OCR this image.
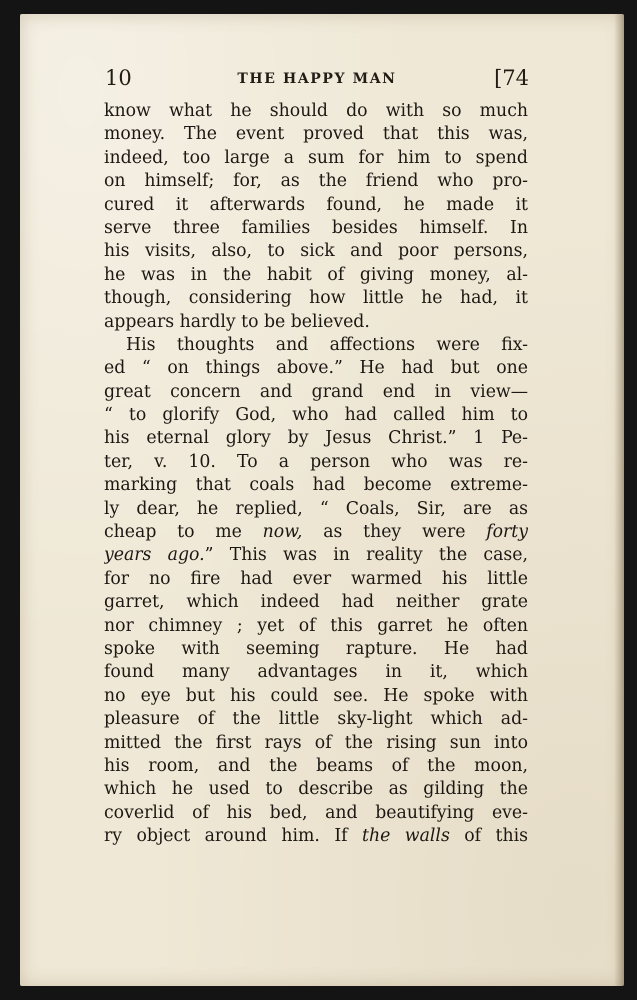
10	THE HAPPY MAN	[74
know what he should do with so much
money. The event proved that this was,
indeed, too large a sum for him to spend
on himself; for, as the friend who pro-
cured it afterwards found, he made it
serve three families besides himself. In
his visits, also, to sick and poor persons,
he was in the habit of giving money, al-
though, considering how little he had, it
appears hardly to be believed.
His thoughts and affections were fix-
ed “ on things above.” He had but one
great concern and grand end in view—
“ to glorify God, who had called him to
his eternal glory by Jesus Christ.” 1 Pe-
ter, v. 10. To a person who was re-
marking that coals had become extreme-
ly dear, he replied, “ Coals, Sir, are as
cheap to me now, as they were forty
years ago.” This was in reality the case,
for no fire had ever warmed his little
garret, which indeed had neither grate
nor chimney ; yet of this garret he often
spoke with seeming rapture. He had
found many advantages in it, which
no eye but his could see. He spoke with
pleasure of the little sky-light which ad-
mitted the first rays of the rising sun into
his room, and the beams of the moon,
which he used to describe as gilding the
coverlid of his bed, and beautifying eve-
ry object around him. If the walls of this
